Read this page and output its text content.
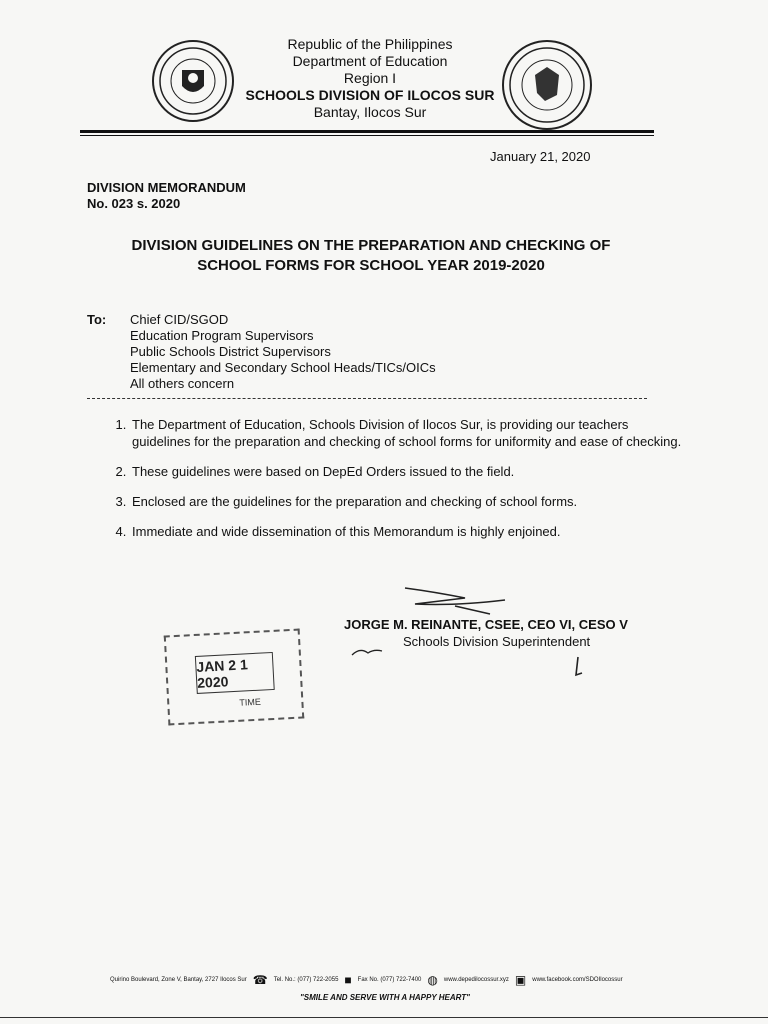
Republic of the Philippines
Department of Education
Region I
SCHOOLS DIVISION OF ILOCOS SUR
Bantay, Ilocos Sur
January 21, 2020
DIVISION MEMORANDUM
No. 023 s. 2020
DIVISION GUIDELINES ON THE PREPARATION AND CHECKING OF
SCHOOL FORMS FOR SCHOOL YEAR 2019-2020
To: Chief CID/SGOD
Education Program Supervisors
Public Schools District Supervisors
Elementary and Secondary School Heads/TICs/OICs
All others concern
1. The Department of Education, Schools Division of Ilocos Sur, is providing our teachers guidelines for the preparation and checking of school forms for uniformity and ease of checking.
2. These guidelines were based on DepEd Orders issued to the field.
3. Enclosed are the guidelines for the preparation and checking of school forms.
4. Immediate and wide dissemination of this Memorandum is highly enjoined.
JORGE M. REINANTE, CSEE, CEO VI, CESO V
Schools Division Superintendent
JAN 2 1 2020
TIME
Quirino Boulevard, Zone V, Bantay, 2727 Ilocos Sur ☎ Tel. No.: (077) 722-2055 ■ Fax No. (077) 722-7400 ◍ www.depedilocossur.xyz ▣ www.facebook.com/SDOIlocossur
"SMILE AND SERVE WITH A HAPPY HEART"
